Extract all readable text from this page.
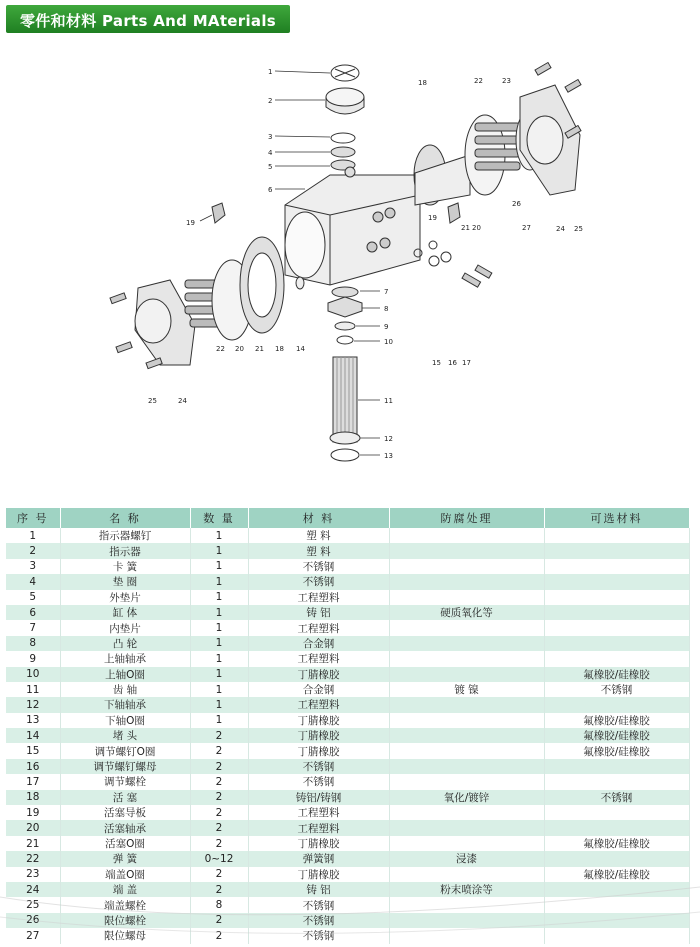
零件和材料 Parts And MAterials
1
2
3
4
5
6
7
8
9
10
11
12
13
14
15 16 17
18
19
20
21
22	23
24 25
26
27
18
19
20 21
22
24
25
序 号	名 称	数 量	材 料	防腐处理	可选材料
1	指示器螺钉	1	塑 料		
2	指示器	1	塑 料		
3	卡 簧	1	不锈钢		
4	垫 圈	1	不锈钢		
5	外垫片	1	工程塑料		
6	缸 体	1	铸 铝	硬质氧化等	
7	内垫片	1	工程塑料		
8	凸 轮	1	合金钢		
9	上轴轴承	1	工程塑料		
10	上轴O圈	1	丁腈橡胶		氟橡胶/硅橡胶
11	齿 轴	1	合金钢	镀 镍	不锈钢
12	下轴轴承	1	工程塑料		
13	下轴O圈	1	丁腈橡胶		氟橡胶/硅橡胶
14	堵 头	2	丁腈橡胶		氟橡胶/硅橡胶
15	调节螺钉O圈	2	丁腈橡胶		氟橡胶/硅橡胶
16	调节螺钉螺母	2	不锈钢		
17	调节螺栓	2	不锈钢		
18	活 塞	2	铸铝/铸钢	氧化/镀锌	不锈钢
19	活塞导板	2	工程塑料		
20	活塞轴承	2	工程塑料		
21	活塞O圈	2	丁腈橡胶		氟橡胶/硅橡胶
22	弹 簧	0~12	弹簧钢	浸漆	
23	端盖O圈	2	丁腈橡胶		氟橡胶/硅橡胶
24	端 盖	2	铸 铝	粉末喷涂等	
25	端盖螺栓	8	不锈钢		
26	限位螺栓	2	不锈钢		
27	限位螺母	2	不锈钢		
